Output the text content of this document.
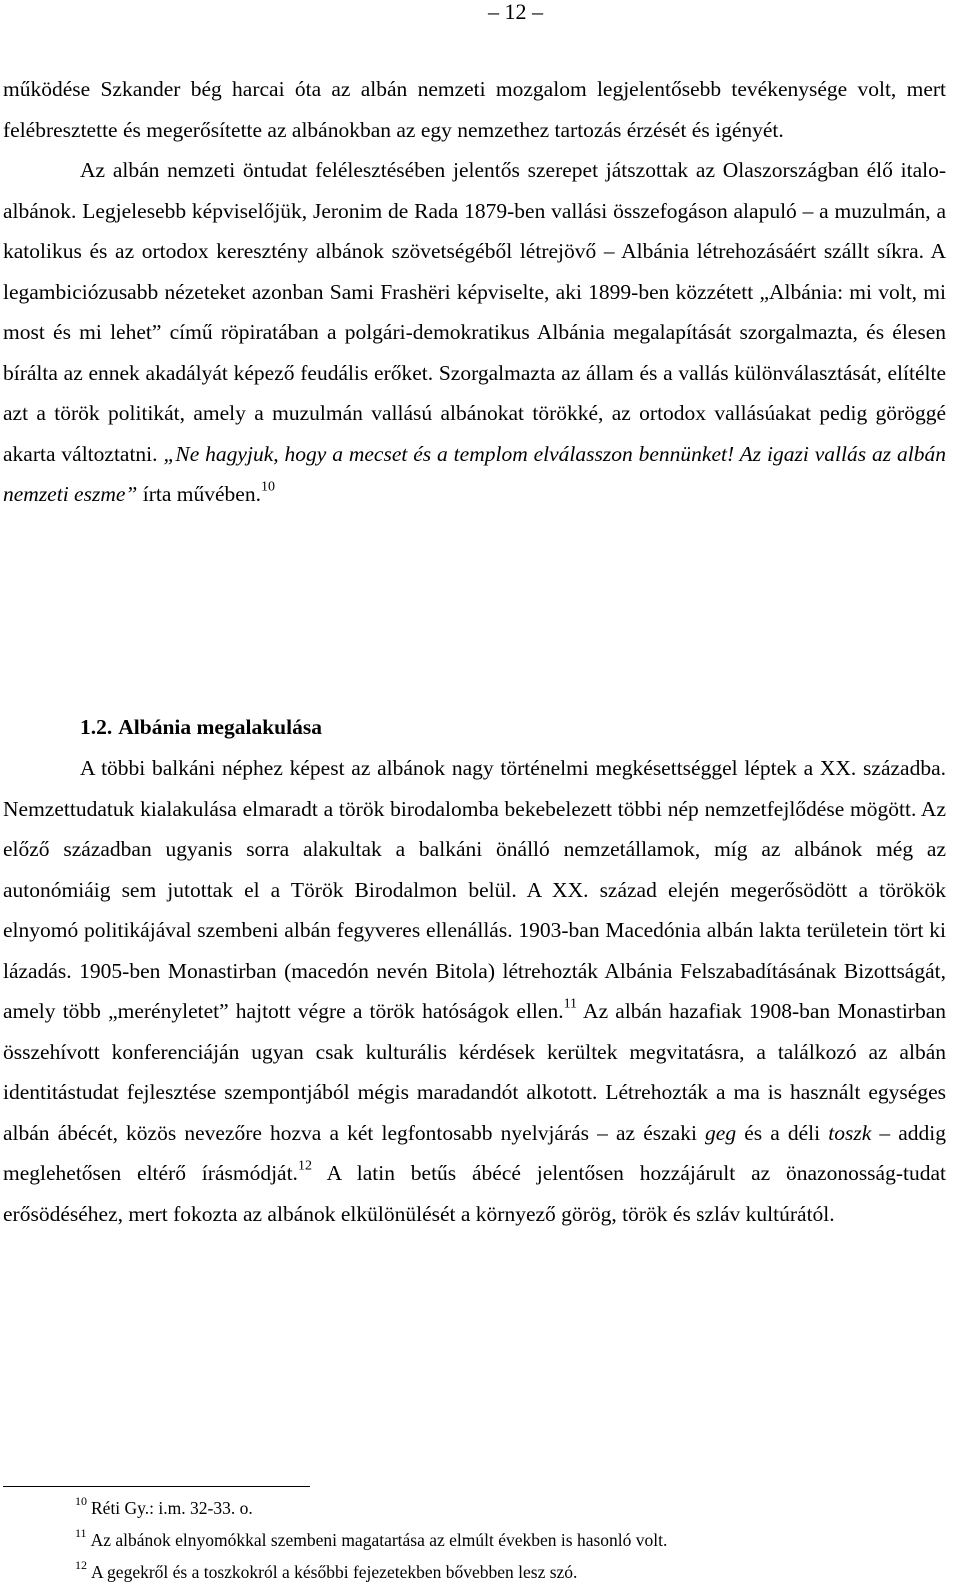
– 12 –

működése Szkander bég harcai óta az albán nemzeti mozgalom legjelentősebb tevékenysége volt, mert felébresztette és megerősítette az albánokban az egy nemzethez tartozás érzését és igényét.

Az albán nemzeti öntudat felélesztésében jelentős szerepet játszottak az Olaszországban élő italo-albánok. Legjelesebb képviselőjük, Jeronim de Rada 1879-ben vallási összefogáson alapuló – a muzulmán, a katolikus és az ortodox keresztény albánok szövetségéből létrejövő – Albánia létrehozásáért szállt síkra. A legambiciózusabb nézeteket azonban Sami Frashëri képviselte, aki 1899-ben közzétett „Albánia: mi volt, mi most és mi lehet” című röpiratában a polgári-demokratikus Albánia megalapítását szorgalmazta, és élesen bírálta az ennek akadályát képező feudális erőket. Szorgalmazta az állam és a vallás különválasztását, elítélte azt a török politikát, amely a muzulmán vallású albánokat törökké, az ortodox vallásúakat pedig göröggé akarta változtatni. „Ne hagyjuk, hogy a mecset és a templom elválasszon bennünket! Az igazi vallás az albán nemzeti eszme” írta művében.$^{10}$

1.2. Albánia megalakulása

A többi balkáni néphez képest az albánok nagy történelmi megkésettséggel léptek a XX. századba. Nemzettudatuk kialakulása elmaradt a török birodalomba bekebelezett többi nép nemzetfejlődése mögött. Az előző században ugyanis sorra alakultak a balkáni önálló nemzetállamok, míg az albánok még az autonómiáig sem jutottak el a Török Birodalmon belül. A XX. század elején megerősödött a törökök elnyomó politikájával szembeni albán fegyveres ellenállás. 1903-ban Macedónia albán lakta területein tört ki lázadás. 1905-ben Monastirban (macedón nevén Bitola) létrehozták Albánia Felszabadításának Bizottságát, amely több „merényletet” hajtott végre a török hatóságok ellen.$^{11}$ Az albán hazafiak 1908-ban Monastirban összehívott konferenciáján ugyan csak kulturális kérdések kerültek megvitatásra, a találkozó az albán identitástudat fejlesztése szempontjából mégis maradandót alkotott. Létrehozták a ma is használt egységes albán ábécét, közös nevezőre hozva a két legfontosabb nyelvjárás – az északi geg és a déli toszk – addig meglehetősen eltérő írásmódját.$^{12}$ A latin betűs ábécé jelentősen hozzájárult az önazonosság-tudat erősödéséhez, mert fokozta az albánok elkülönülését a környező görög, török és szláv kultúrától.

$^{10}$ Réti Gy.: i.m. 32-33. o.
$^{11}$ Az albánok elnyomókkal szembeni magatartása az elmúlt években is hasonló volt.
$^{12}$ A gegekről és a toszkokról a későbbi fejezetekben bővebben lesz szó.
